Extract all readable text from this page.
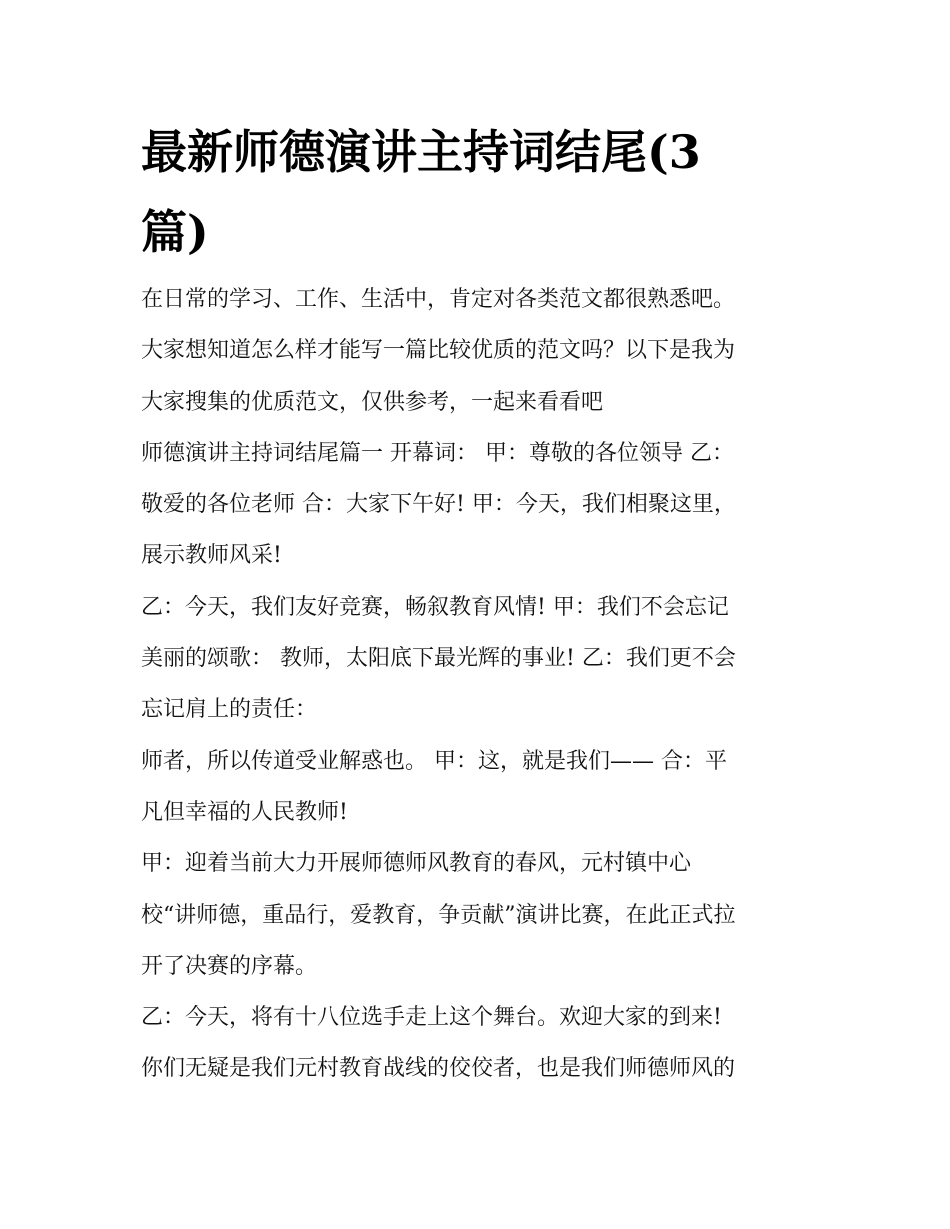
最新师德演讲主持词结尾(3
篇)
在日常的学习、工作、生活中，肯定对各类范文都很熟悉吧。
大家想知道怎么样才能写一篇比较优质的范文吗？以下是我为
大家搜集的优质范文，仅供参考，一起来看看吧
师德演讲主持词结尾篇一 开幕词： 甲：尊敬的各位领导 乙：
敬爱的各位老师 合：大家下午好! 甲：今天，我们相聚这里，
展示教师风采!
乙：今天，我们友好竞赛，畅叙教育风情! 甲：我们不会忘记
美丽的颂歌： 教师，太阳底下最光辉的事业! 乙：我们更不会
忘记肩上的责任：
师者，所以传道受业解惑也。 甲：这，就是我们—— 合：平
凡但幸福的人民教师!
甲：迎着当前大力开展师德师风教育的春风，元村镇中心
校“讲师德，重品行，爱教育，争贡献”演讲比赛，在此正式拉
开了决赛的序幕。
乙：今天，将有十八位选手走上这个舞台。欢迎大家的到来!
你们无疑是我们元村教育战线的佼佼者，也是我们师德师风的
